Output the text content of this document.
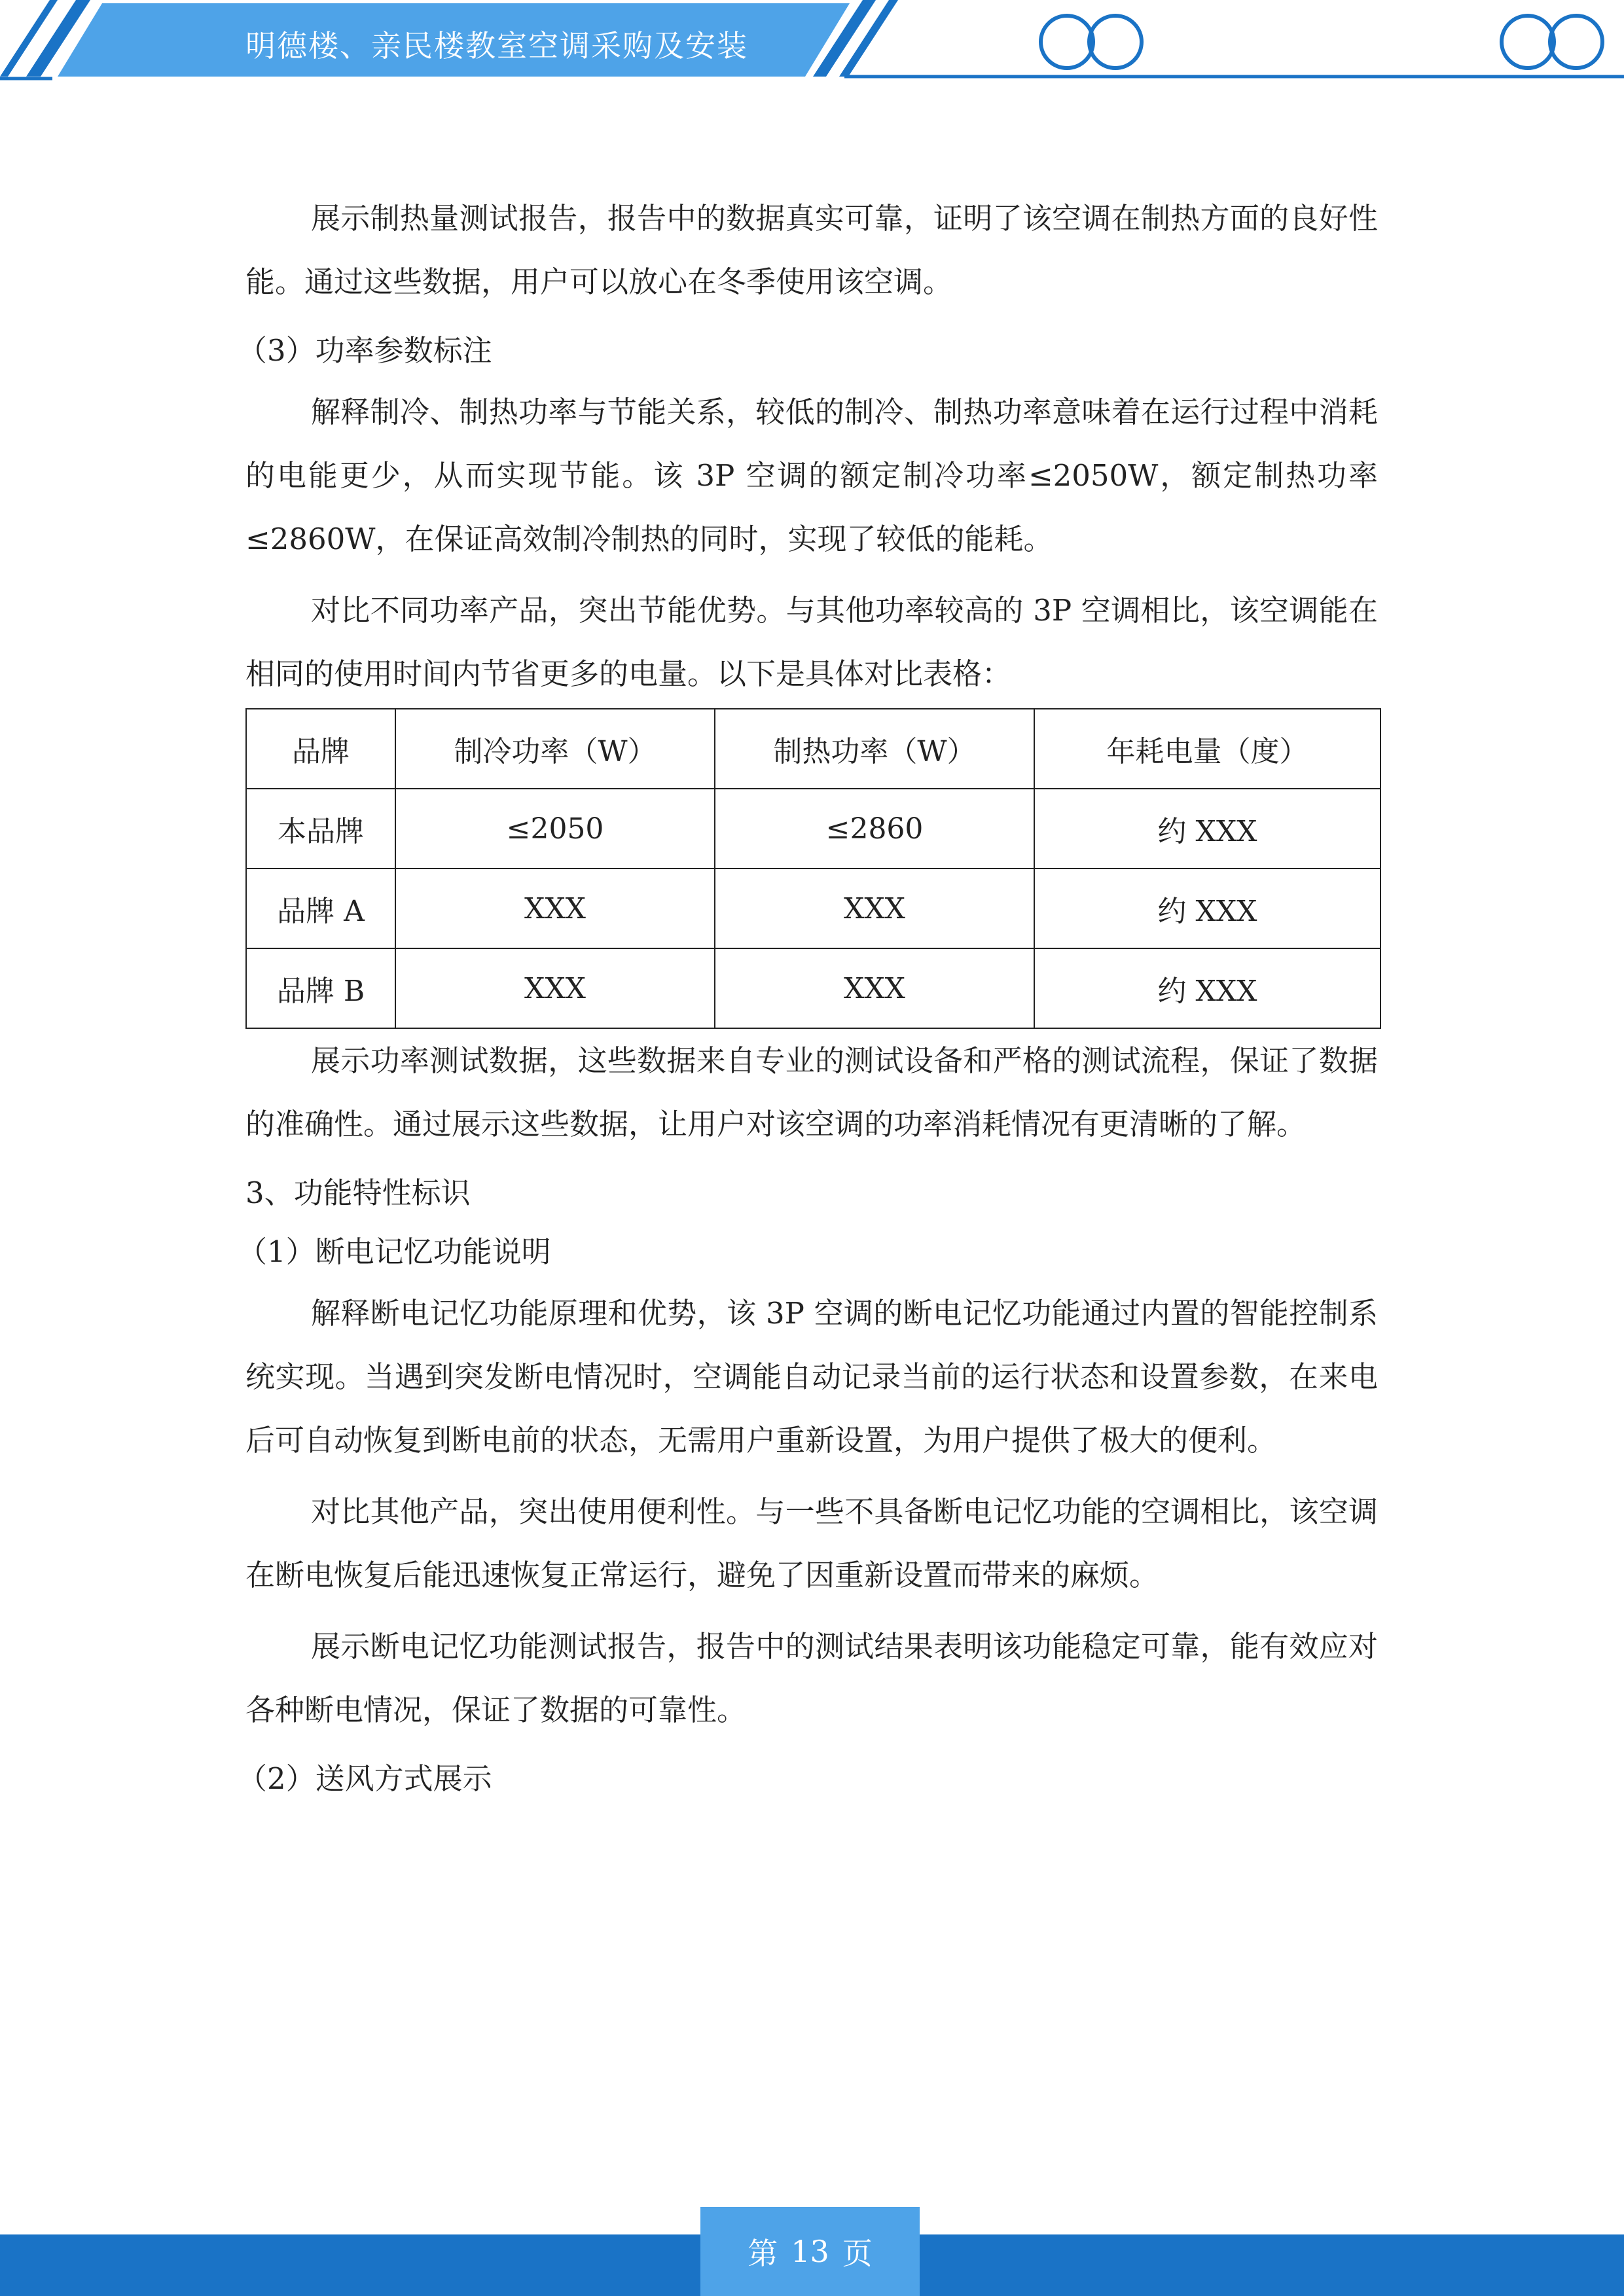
明德楼、亲民楼教室空调采购及安装

展示制热量测试报告，报告中的数据真实可靠，证明了该空调在制热方面的良好性能。通过这些数据，用户可以放心在冬季使用该空调。

（3）功率参数标注

解释制冷、制热功率与节能关系，较低的制冷、制热功率意味着在运行过程中消耗的电能更少，从而实现节能。该 3P 空调的额定制冷功率≤2050W，额定制热功率≤2860W，在保证高效制冷制热的同时，实现了较低的能耗。

对比不同功率产品，突出节能优势。与其他功率较高的 3P 空调相比，该空调能在相同的使用时间内节省更多的电量。以下是具体对比表格：

品牌	制冷功率（W）	制热功率（W）	年耗电量（度）
本品牌	≤2050	≤2860	约 XXX
品牌 A	XXX	XXX	约 XXX
品牌 B	XXX	XXX	约 XXX

展示功率测试数据，这些数据来自专业的测试设备和严格的测试流程，保证了数据的准确性。通过展示这些数据，让用户对该空调的功率消耗情况有更清晰的了解。

3、功能特性标识
（1）断电记忆功能说明

解释断电记忆功能原理和优势，该 3P 空调的断电记忆功能通过内置的智能控制系统实现。当遇到突发断电情况时，空调能自动记录当前的运行状态和设置参数，在来电后可自动恢复到断电前的状态，无需用户重新设置，为用户提供了极大的便利。

对比其他产品，突出使用便利性。与一些不具备断电记忆功能的空调相比，该空调在断电恢复后能迅速恢复正常运行，避免了因重新设置而带来的麻烦。

展示断电记忆功能测试报告，报告中的测试结果表明该功能稳定可靠，能有效应对各种断电情况，保证了数据的可靠性。

（2）送风方式展示
第 13 页
